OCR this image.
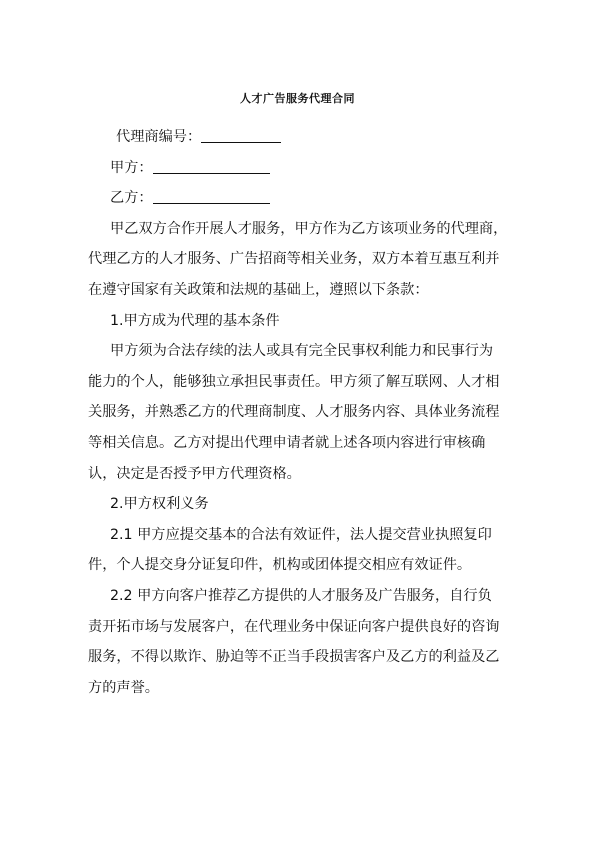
人才广告服务代理合同
代理商编号：
甲方：
乙方：
甲乙双方合作开展人才服务，甲方作为乙方该项业务的代理商，
代理乙方的人才服务、广告招商等相关业务，双方本着互惠互利并
在遵守国家有关政策和法规的基础上，遵照以下条款：
1.甲方成为代理的基本条件
甲方须为合法存续的法人或具有完全民事权利能力和民事行为
能力的个人，能够独立承担民事责任。甲方须了解互联网、人才相
关服务，并熟悉乙方的代理商制度、人才服务内容、具体业务流程
等相关信息。乙方对提出代理申请者就上述各项内容进行审核确
认，决定是否授予甲方代理资格。
2.甲方权利义务
2.1 甲方应提交基本的合法有效证件，法人提交营业执照复印
件，个人提交身分证复印件，机构或团体提交相应有效证件。
2.2 甲方向客户推荐乙方提供的人才服务及广告服务，自行负
责开拓市场与发展客户，在代理业务中保证向客户提供良好的咨询
服务，不得以欺诈、胁迫等不正当手段损害客户及乙方的利益及乙
方的声誉。
